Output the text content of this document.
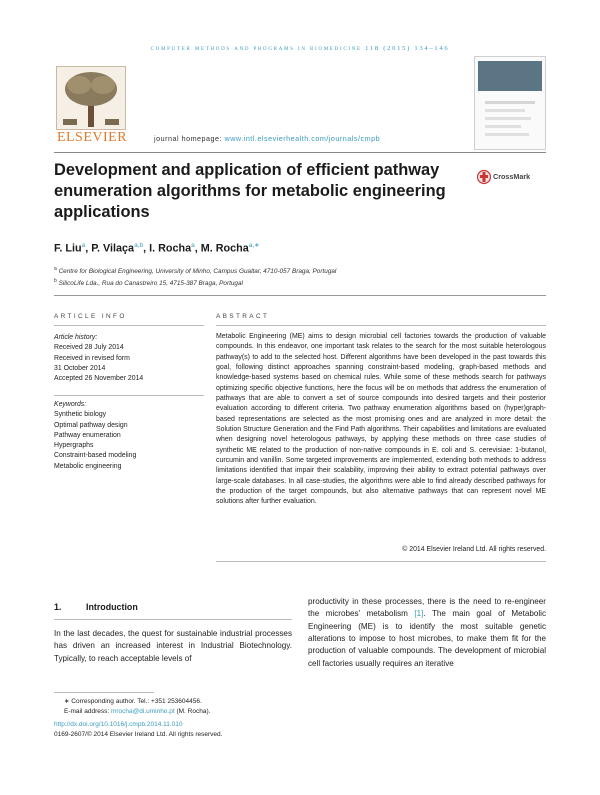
computer methods and programs in biomedicine 118 (2015) 134–146
ELSEVIER	journal homepage: www.intl.elsevierhealth.com/journals/cmpb
Development and application of efficient pathway enumeration algorithms for metabolic engineering applications
CrossMark
F. Liu$^a$, P. Vilaça$^{a,b}$, I. Rocha$^a$, M. Rocha$^{a,∗}$
$^a$ Centre for Biological Engineering, University of Minho, Campus Gualtar, 4710-057 Braga, Portugal
$^b$ SilicoLife Lda., Rua do Canastreiro 15, 4715-387 Braga, Portugal
ARTICLE INFO
Article history:
Received 28 July 2014
Received in revised form
31 October 2014
Accepted 26 November 2014
Keywords:
Synthetic biology
Optimal pathway design
Pathway enumeration
Hypergraphs
Constraint-based modeling
Metabolic engineering
ABSTRACT
Metabolic Engineering (ME) aims to design microbial cell factories towards the production of valuable compounds. In this endeavor, one important task relates to the search for the most suitable heterologous pathway(s) to add to the selected host. Different algorithms have been developed in the past towards this goal, following distinct approaches spanning constraint-based modeling, graph-based methods and knowledge-based systems based on chemical rules. While some of these methods search for pathways optimizing specific objective functions, here the focus will be on methods that address the enumeration of pathways that are able to convert a set of source compounds into desired targets and their posterior evaluation according to different criteria. Two pathway enumeration algorithms based on (hyper)graph-based representations are selected as the most promising ones and are analyzed in more detail: the Solution Structure Generation and the Find Path algorithms. Their capabilities and limitations are evaluated when designing novel heterologous pathways, by applying these methods on three case studies of synthetic ME related to the production of non-native compounds in E. coli and S. cerevisiae: 1-butanol, curcumin and vanillin. Some targeted improvements are implemented, extending both methods to address limitations identified that impair their scalability, improving their ability to extract potential pathways over large-scale databases. In all case-studies, the algorithms were able to find already described pathways for the production of the target compounds, but also alternative pathways that can represent novel ME solutions after further evaluation.
© 2014 Elsevier Ireland Ltd. All rights reserved.
1.	Introduction
In the last decades, the quest for sustainable industrial processes has driven an increased interest in Industrial Biotechnology. Typically, to reach acceptable levels of
productivity in these processes, there is the need to re-engineer the microbes’ metabolism [1]. The main goal of Metabolic Engineering (ME) is to identify the most suitable genetic alterations to impose to host microbes, to make them fit for the production of valuable compounds. The development of microbial cell factories usually requires an iterative
∗ Corresponding author. Tel.: +351 253604456.
E-mail address: mrocha@di.uminho.pt (M. Rocha).
http://dx.doi.org/10.1016/j.cmpb.2014.11.010
0169-2607/© 2014 Elsevier Ireland Ltd. All rights reserved.
